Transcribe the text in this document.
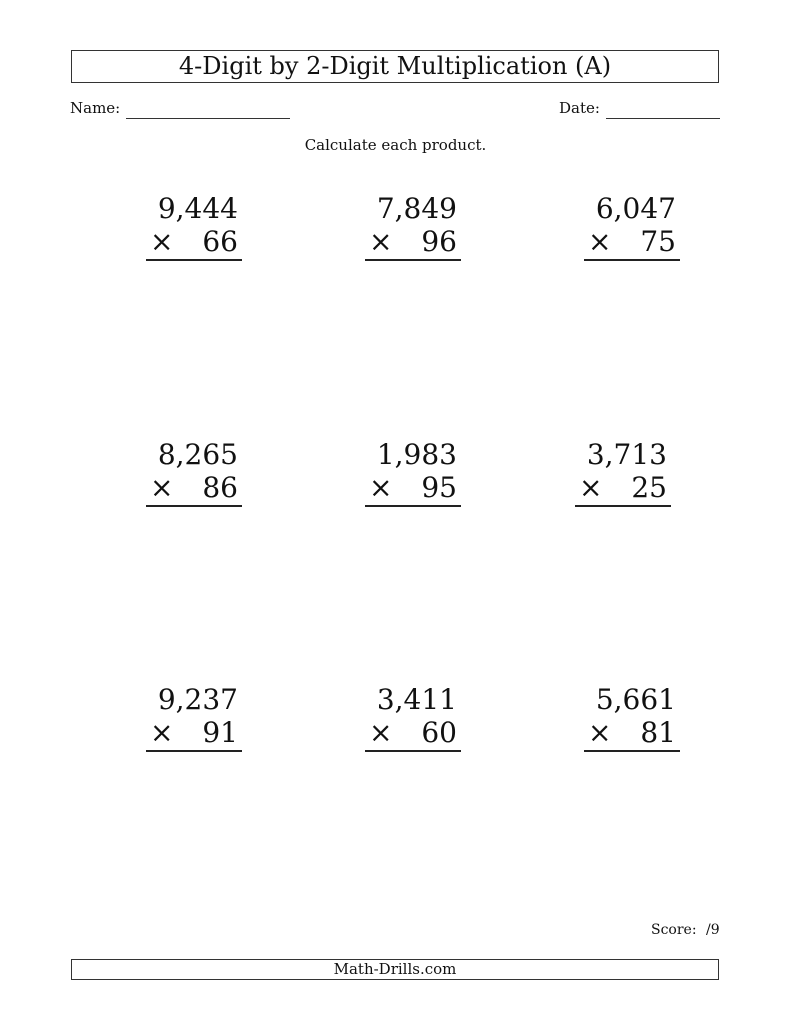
4-Digit by 2-Digit Multiplication (A)
Name:	Date:
Calculate each product.
9,444
× 66
7,849
× 96
6,047
× 75
8,265
× 86
1,983
× 95
3,713
× 25
9,237
× 91
3,411
× 60
5,661
× 81
Score: /9
Math-Drills.com
